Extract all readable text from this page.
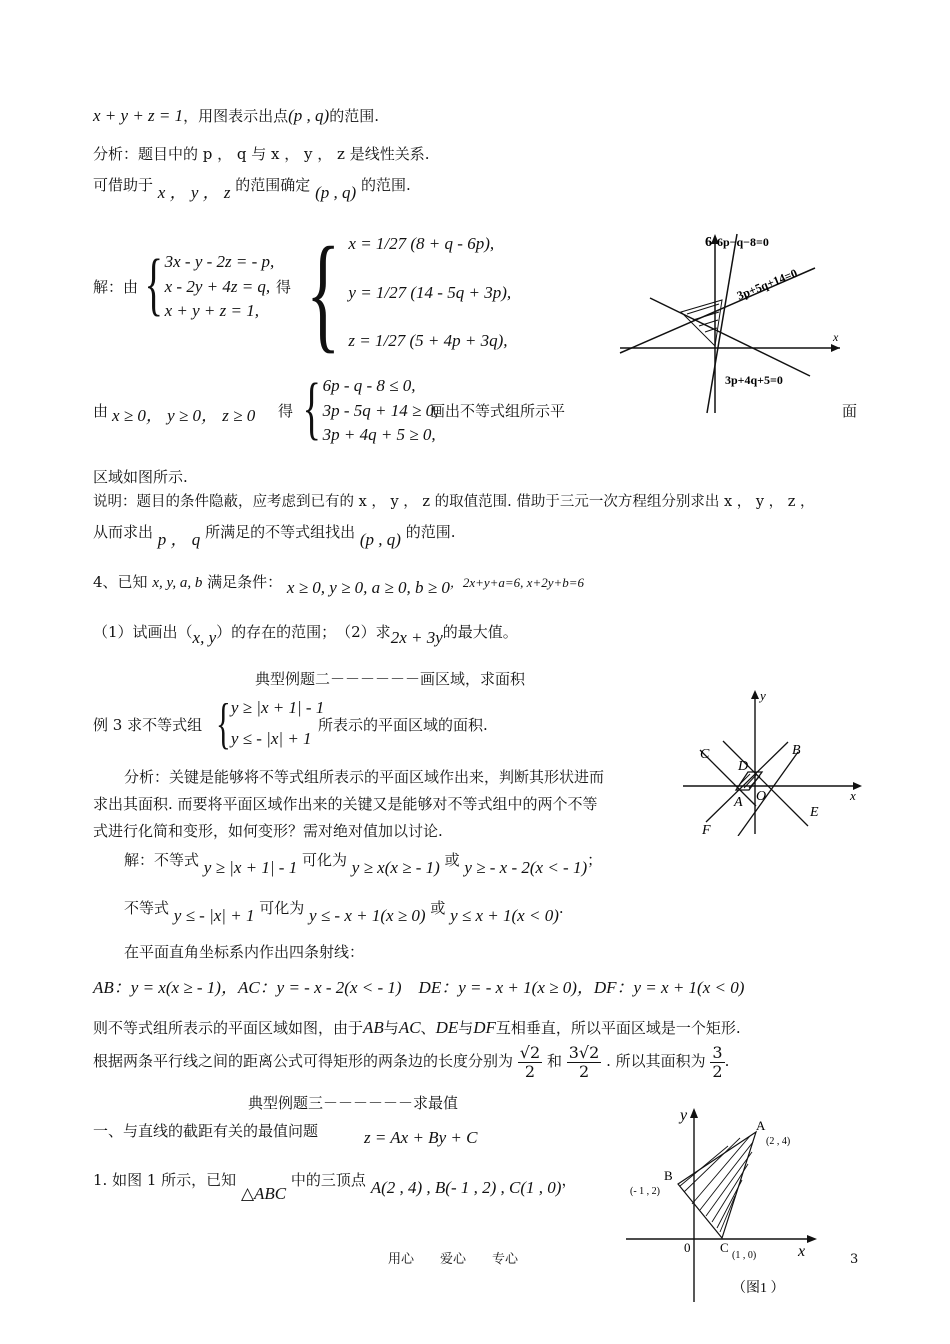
x + y + z = 1，用图表示出点(p , q)的范围.
分析：题目中的 p ， q 与 x ， y ， z 是线性关系.
可借助于 x ， y ， z 的范围确定 (p , q) 的范围.
解：由 { 3x - y - 2z = - p,
x - 2y + 4z = q,
x + y + z = 1,
得 { x = 1/27 (8 + q - 6p),
y = 1/27 (14 - 5q + 3p),
z = 1/27 (5 + 4p + 3q),
6
x
6p−q−8=0
3p+5q+14=0
3p+4q+5=0
由 x ≥ 0， y ≥ 0， z ≥ 0 得 { 6p - q - 8 ≤ 0,
3p - 5q + 14 ≥ 0,
3p + 4q + 5 ≥ 0,
画出不等式组所示平	面
区域如图所示.
说明：题目的条件隐蔽，应考虑到已有的 x ， y ， z 的取值范围. 借助于三元一次方程组分别求出 x ， y ， z ，
从而求出 p ， q 所满足的不等式组找出 (p , q) 的范围.
4、已知 x, y, a, b 满足条件： x ≥ 0, y ≥ 0, a ≥ 0, b ≥ 0，2x+y+a=6, x+2y+b=6
（1）试画出（x, y）的存在的范围；　（2）求2x + 3y的最大值。
典型例题二－－－－－－画区域，求面积
例 3 求不等式组 { y ≥ |x + 1| - 1
y ≤ - |x| + 1
所表示的平面区域的面积.
y
x
C	B
D
A O
E
F
分析：关键是能够将不等式组所表示的平面区域作出来，判断其形状进而
求出其面积. 而要将平面区域作出来的关键又是能够对不等式组中的两个不等
式进行化简和变形，如何变形？需对绝对值加以讨论.
解：不等式 y ≥ |x + 1| - 1 可化为 y ≥ x(x ≥ - 1) 或 y ≥ - x - 2(x < - 1)；
不等式 y ≤ - |x| + 1 可化为 y ≤ - x + 1(x ≥ 0) 或 y ≤ x + 1(x < 0).
在平面直角坐标系内作出四条射线：
AB：y = x(x ≥ - 1)，AC：y = - x - 2(x < - 1)　DE：y = - x + 1(x ≥ 0)，DF：y = x + 1(x < 0)
则不等式组所表示的平面区域如图，由于AB与AC、DE与DF互相垂直，所以平面区域是一个矩形.
根据两条平行线之间的距离公式可得矩形的两条边的长度分别为 $\frac{√2}{2}$ 和 $\frac{3√2}{2}$ . 所以其面积为 $\frac{3}{2}$ .
典型例题三－－－－－－求最值
一、与直线的截距有关的最值问题	z = Ax + By + C
1. 如图 1 所示，已知 △ABC 中的三顶点 A(2 , 4) , B(- 1 , 2) , C(1 , 0)，
y
x
A
(2 , 4)
B
(- 1 , 2)
0 C
(1 , 0)
（图1 ）
用心　　爱心　　专心	3
